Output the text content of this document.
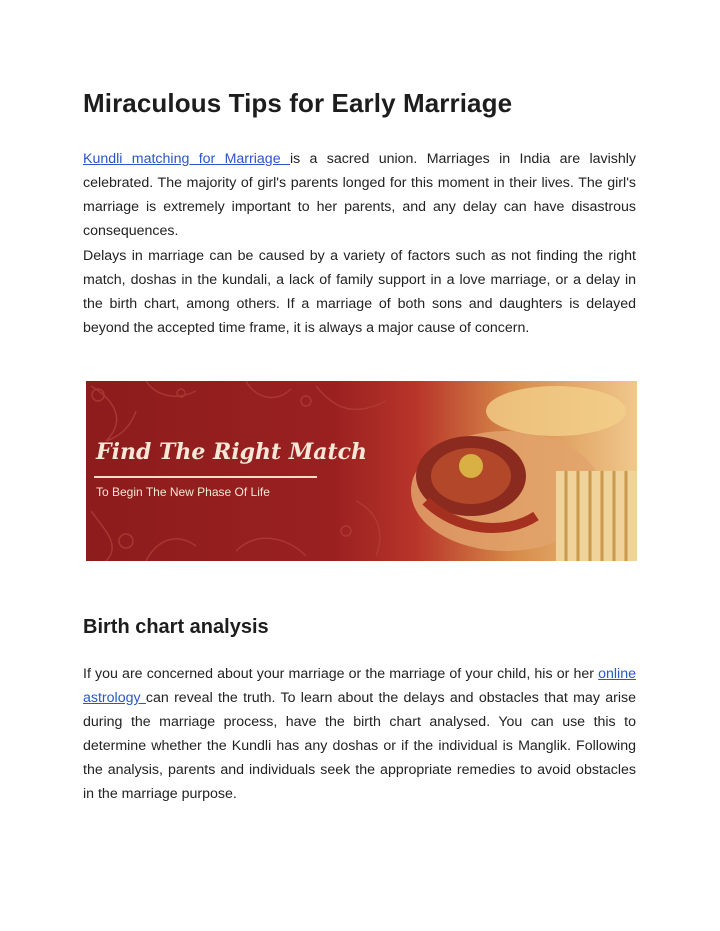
Miraculous Tips for Early Marriage

Kundli matching for Marriage is a sacred union. Marriages in India are lavishly celebrated. The majority of girl's parents longed for this moment in their lives. The girl's marriage is extremely important to her parents, and any delay can have disastrous consequences.

Delays in marriage can be caused by a variety of factors such as not finding the right match, doshas in the kundali, a lack of family support in a love marriage, or a delay in the birth chart, among others. If a marriage of both sons and daughters is delayed beyond the accepted time frame, it is always a major cause of concern.

Find The Right Match
To Begin The New Phase Of Life
Birth chart analysis

If you are concerned about your marriage or the marriage of your child, his or her online astrology can reveal the truth. To learn about the delays and obstacles that may arise during the marriage process, have the birth chart analysed. You can use this to determine whether the Kundli has any doshas or if the individual is Manglik. Following the analysis, parents and individuals seek the appropriate remedies to avoid obstacles in the marriage purpose.
